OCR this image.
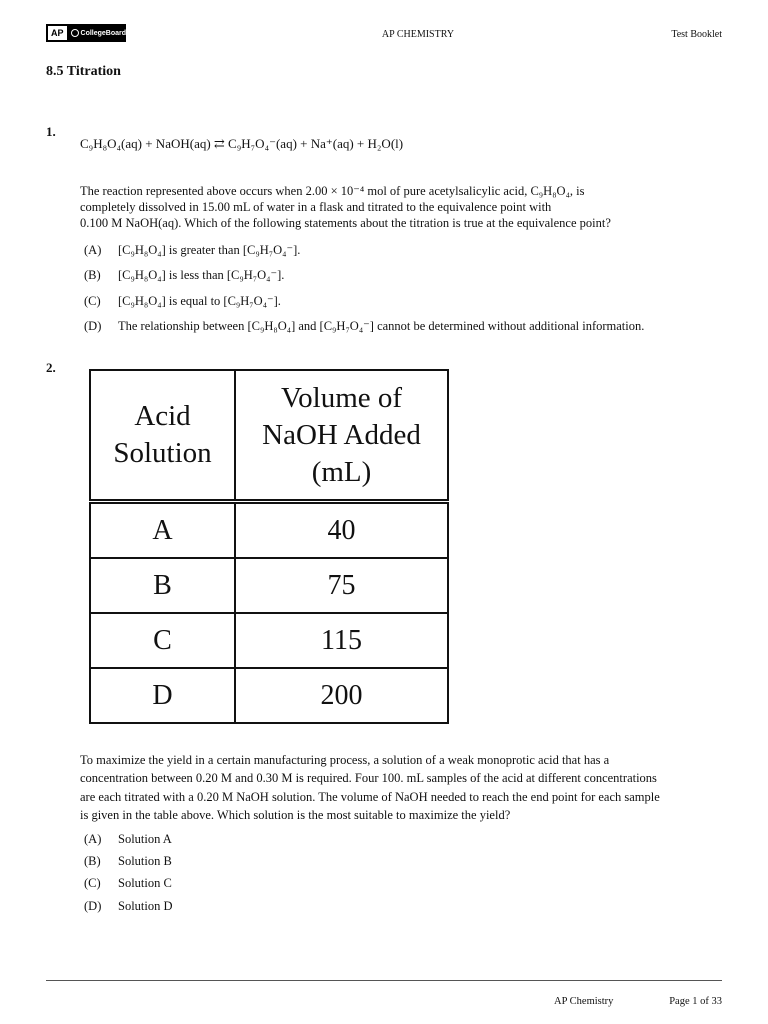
AP	CollegeBoard	AP CHEMISTRY	Test Booklet
8.5 Titration
1.
C₉H₈O₄(aq) + NaOH(aq) ⇄ C₉H₇O₄⁻(aq) + Na⁺(aq) + H₂O(l)
The reaction represented above occurs when 2.00 × 10⁻⁴ mol of pure acetylsalicylic acid, C₉H₈O₄, is
completely dissolved in 15.00 mL of water in a flask and titrated to the equivalence point with
0.100 M NaOH(aq). Which of the following statements about the titration is true at the equivalence point?
(A) [C₉H₈O₄] is greater than [C₉H₇O₄⁻].
(B) [C₉H₈O₄] is less than [C₉H₇O₄⁻].
(C) [C₉H₈O₄] is equal to [C₉H₇O₄⁻].
(D) The relationship between [C₉H₈O₄] and [C₉H₇O₄⁻] cannot be determined without additional information.
2.
Acid Solution	Volume of NaOH Added (mL)

A	40
B	75
C	115
D	200
To maximize the yield in a certain manufacturing process, a solution of a weak monoprotic acid that has a
concentration between 0.20 M and 0.30 M is required. Four 100. mL samples of the acid at different concentrations
are each titrated with a 0.20 M NaOH solution. The volume of NaOH needed to reach the end point for each sample
is given in the table above. Which solution is the most suitable to maximize the yield?
(A) Solution A
(B) Solution B
(C) Solution C
(D) Solution D
AP Chemistry	Page 1 of 33
